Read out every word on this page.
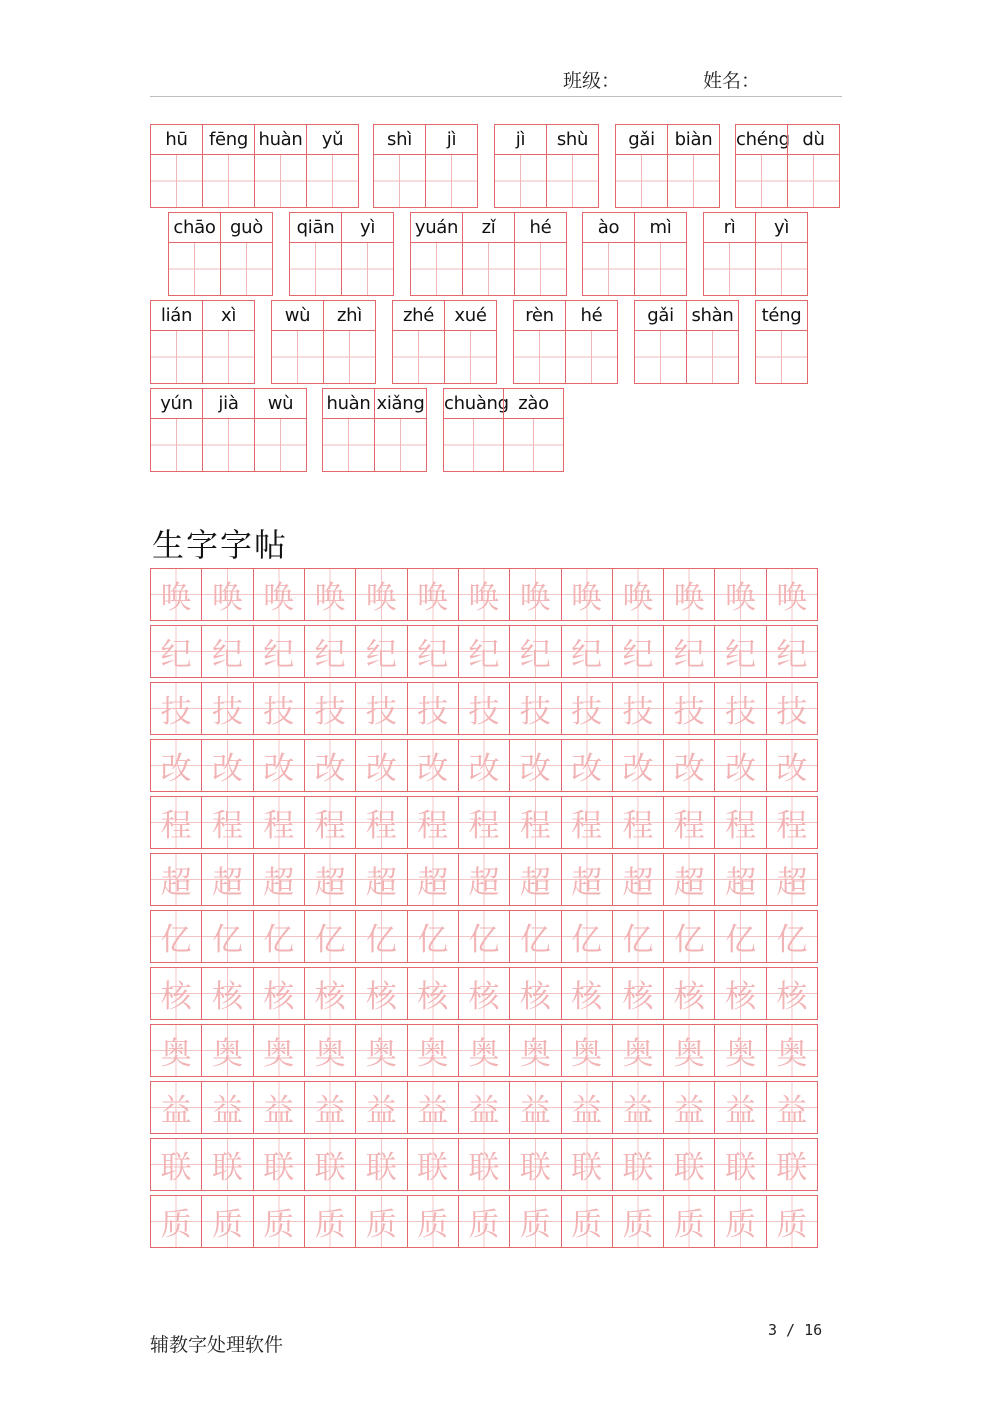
班级：	姓名：
hū	fēng huàn	yǔ	shì	jì	jì	shù	gǎi	biàn	chéng dù
chāo guò	qiān	yì	yuán	zǐ	hé	ào	mì	rì	yì
lián	xì	wù	zhì	zhé	xué	rèn	hé	gǎi shàn	téng
yún	jià	wù	huàn xiǎng chuàng zào
生字字帖
唤 唤 唤 唤 唤 唤 唤 唤 唤 唤 唤 唤 唤
纪 纪 纪 纪 纪 纪 纪 纪 纪 纪 纪 纪 纪
技 技 技 技 技 技 技 技 技 技 技 技 技
改 改 改 改 改 改 改 改 改 改 改 改 改
程 程 程 程 程 程 程 程 程 程 程 程 程
超 超 超 超 超 超 超 超 超 超 超 超 超
亿 亿 亿 亿 亿 亿 亿 亿 亿 亿 亿 亿 亿
核 核 核 核 核 核 核 核 核 核 核 核 核
奥 奥 奥 奥 奥 奥 奥 奥 奥 奥 奥 奥 奥
益 益 益 益 益 益 益 益 益 益 益 益 益
联 联 联 联 联 联 联 联 联 联 联 联 联
质 质 质 质 质 质 质 质 质 质 质 质 质
辅教字处理软件
3 / 16
